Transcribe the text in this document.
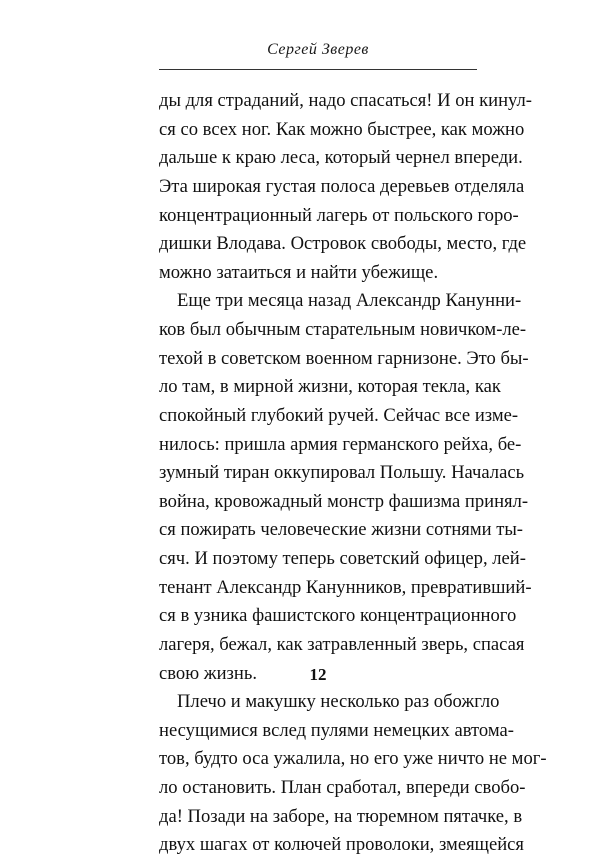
Сергей Зверев
ды для страданий, надо спасаться! И он кинул-
ся со всех ног. Как можно быстрее, как можно
дальше к краю леса, который чернел впереди.
Эта широкая густая полоса деревьев отделяла
концентрационный лагерь от польского горо-
дишки Влодава. Островок свободы, место, где
можно затаиться и найти убежище.
Еще три месяца назад Александр Канунни-
ков был обычным старательным новичком-ле-
техой в советском военном гарнизоне. Это бы-
ло там, в мирной жизни, которая текла, как
спокойный глубокий ручей. Сейчас все изме-
нилось: пришла армия германского рейха, бе-
зумный тиран оккупировал Польшу. Началась
война, кровожадный монстр фашизма принял-
ся пожирать человеческие жизни сотнями ты-
сяч. И поэтому теперь советский офицер, лей-
тенант Александр Канунников, превративший-
ся в узника фашистского концентрационного
лагеря, бежал, как затравленный зверь, спасая
свою жизнь.
Плечо и макушку несколько раз обожгло
несущимися вслед пулями немецких автома-
тов, будто оса ужалила, но его уже ничто не мог-
ло остановить. План сработал, впереди свобо-
да! Позади на заборе, на тюремном пятачке, в
двух шагах от колючей проволоки, змеящейся
12
